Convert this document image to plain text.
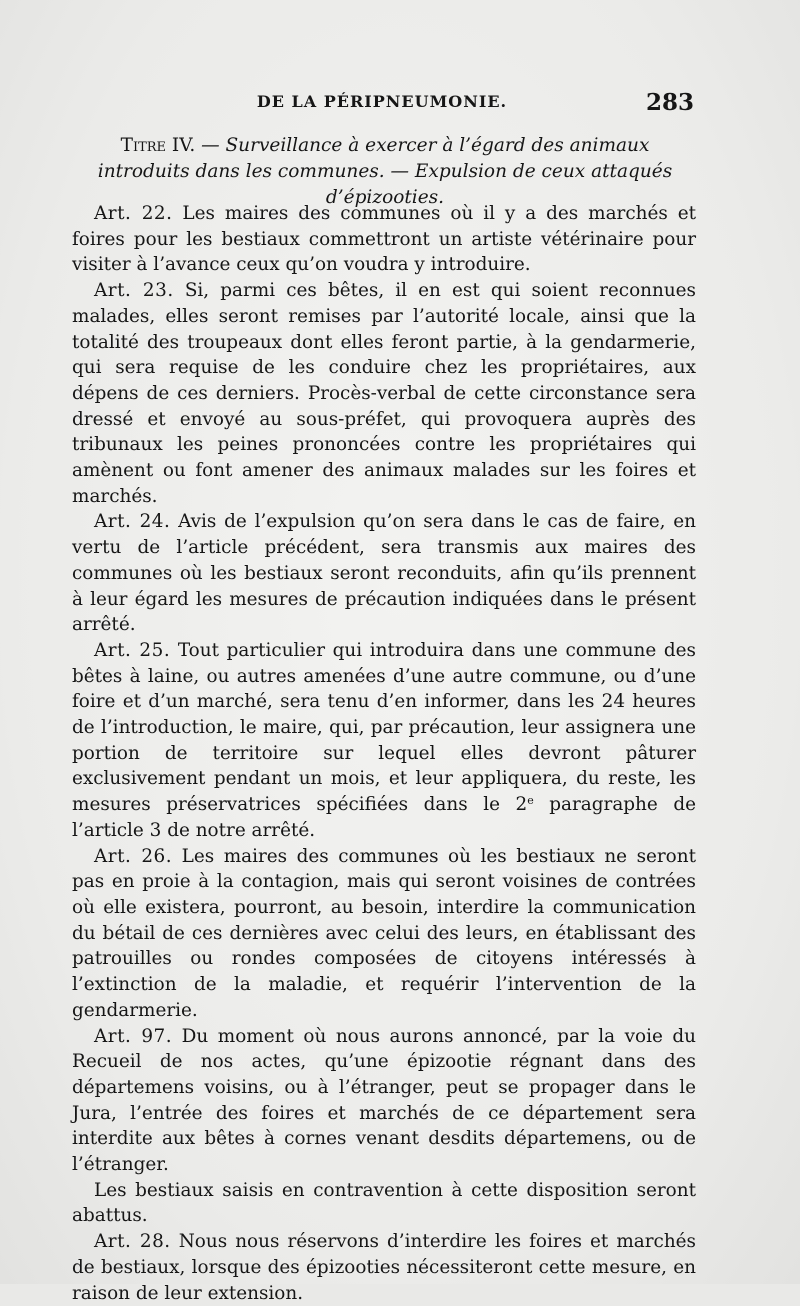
DE LA PÉRIPNEUMONIE.	283
Titre IV. — Surveillance à exercer à l’égard des animaux introduits dans les communes. — Expulsion de ceux attaqués d’épizooties.

Art. 22. Les maires des communes où il y a des marchés et foires pour les bestiaux commettront un artiste vétérinaire pour visiter à l’avance ceux qu’on voudra y introduire.

Art. 23. Si, parmi ces bêtes, il en est qui soient reconnues malades, elles seront remises par l’autorité locale, ainsi que la totalité des troupeaux dont elles feront partie, à la gendarmerie, qui sera requise de les conduire chez les propriétaires, aux dépens de ces derniers. Procès-verbal de cette circonstance sera dressé et envoyé au sous-préfet, qui provoquera auprès des tribunaux les peines prononcées contre les propriétaires qui amènent ou font amener des animaux malades sur les foires et marchés.

Art. 24. Avis de l’expulsion qu’on sera dans le cas de faire, en vertu de l’article précédent, sera transmis aux maires des communes où les bestiaux seront reconduits, afin qu’ils prennent à leur égard les mesures de précaution indiquées dans le présent arrêté.

Art. 25. Tout particulier qui introduira dans une commune des bêtes à laine, ou autres amenées d’une autre commune, ou d’une foire et d’un marché, sera tenu d’en informer, dans les 24 heures de l’introduction, le maire, qui, par précaution, leur assignera une portion de territoire sur lequel elles devront pâturer exclusivement pendant un mois, et leur appliquera, du reste, les mesures préservatrices spécifiées dans le 2e paragraphe de l’article 3 de notre arrêté.

Art. 26. Les maires des communes où les bestiaux ne seront pas en proie à la contagion, mais qui seront voisines de contrées où elle existera, pourront, au besoin, interdire la communication du bétail de ces dernières avec celui des leurs, en établissant des patrouilles ou rondes composées de citoyens intéressés à l’extinction de la maladie, et requérir l’intervention de la gendarmerie.

Art. 97. Du moment où nous aurons annoncé, par la voie du Recueil de nos actes, qu’une épizootie régnant dans des départemens voisins, ou à l’étranger, peut se propager dans le Jura, l’entrée des foires et marchés de ce département sera interdite aux bêtes à cornes venant desdits départemens, ou de l’étranger.

Les bestiaux saisis en contravention à cette disposition seront abattus.

Art. 28. Nous nous réservons d’interdire les foires et marchés de bestiaux, lorsque des épizooties nécessiteront cette mesure, en raison de leur extension.
